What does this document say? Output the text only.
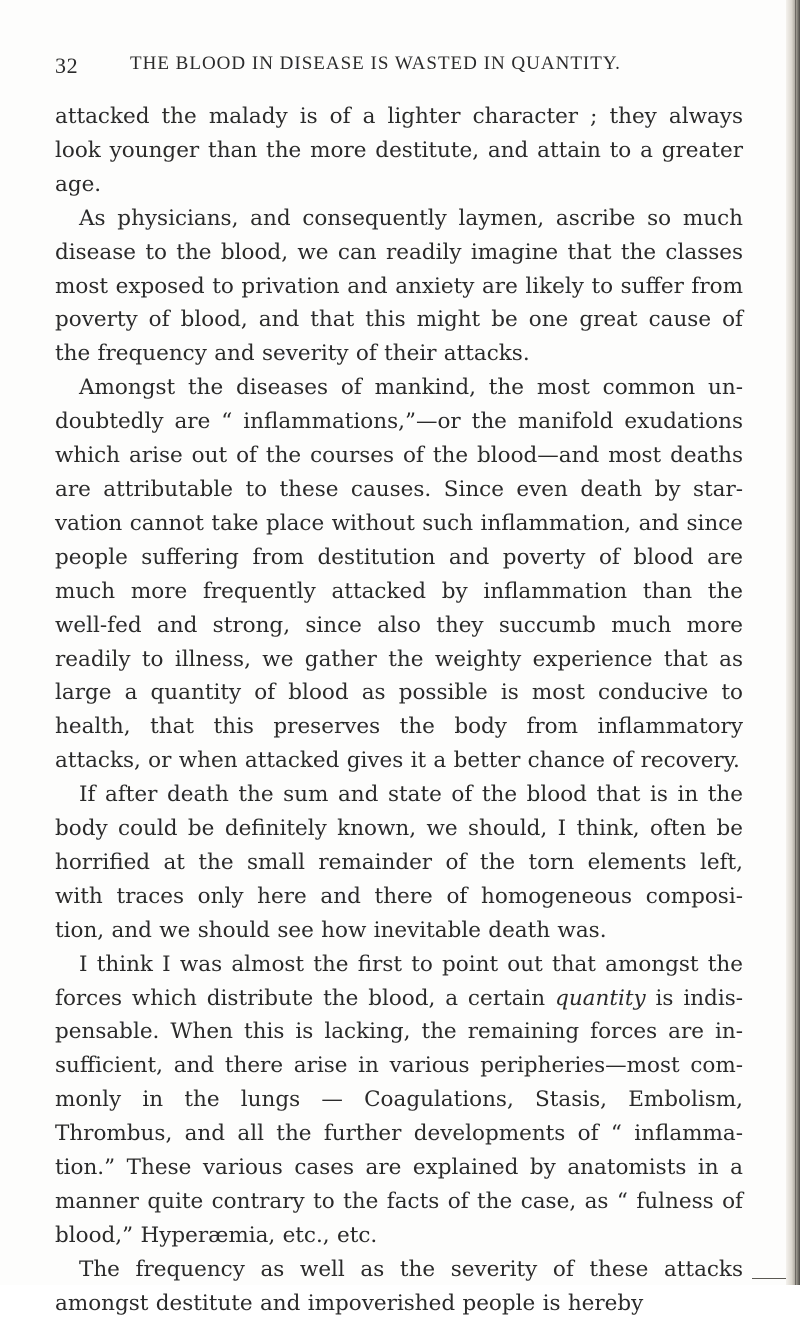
32	THE BLOOD IN DISEASE IS WASTED IN QUANTITY.

attacked the malady is of a lighter character ; they always look younger than the more destitute, and attain to a greater age.

As physicians, and consequently laymen, ascribe so much disease to the blood, we can readily imagine that the classes most exposed to privation and anxiety are likely to suffer from poverty of blood, and that this might be one great cause of the frequency and severity of their attacks.

Amongst the diseases of mankind, the most common un- doubtedly are “ inflammations,”—or the manifold exudations which arise out of the courses of the blood—and most deaths are attributable to these causes. Since even death by star- vation cannot take place without such inflammation, and since people suffering from destitution and poverty of blood are much more frequently attacked by inflammation than the well-fed and strong, since also they succumb much more readily to illness, we gather the weighty experience that as large a quantity of blood as possible is most conducive to health, that this preserves the body from inflammatory attacks, or when attacked gives it a better chance of recovery.

If after death the sum and state of the blood that is in the body could be definitely known, we should, I think, often be horrified at the small remainder of the torn elements left, with traces only here and there of homogeneous composi- tion, and we should see how inevitable death was.

I think I was almost the first to point out that amongst the forces which distribute the blood, a certain quantity is indis- pensable. When this is lacking, the remaining forces are in- sufficient, and there arise in various peripheries—most com- monly in the lungs — Coagulations, Stasis, Embolism, Thrombus, and all the further developments of “ inflamma- tion.” These various cases are explained by anatomists in a manner quite contrary to the facts of the case, as “ fulness of blood,” Hyperæmia, etc., etc.

The frequency as well as the severity of these attacks amongst destitute and impoverished people is hereby
